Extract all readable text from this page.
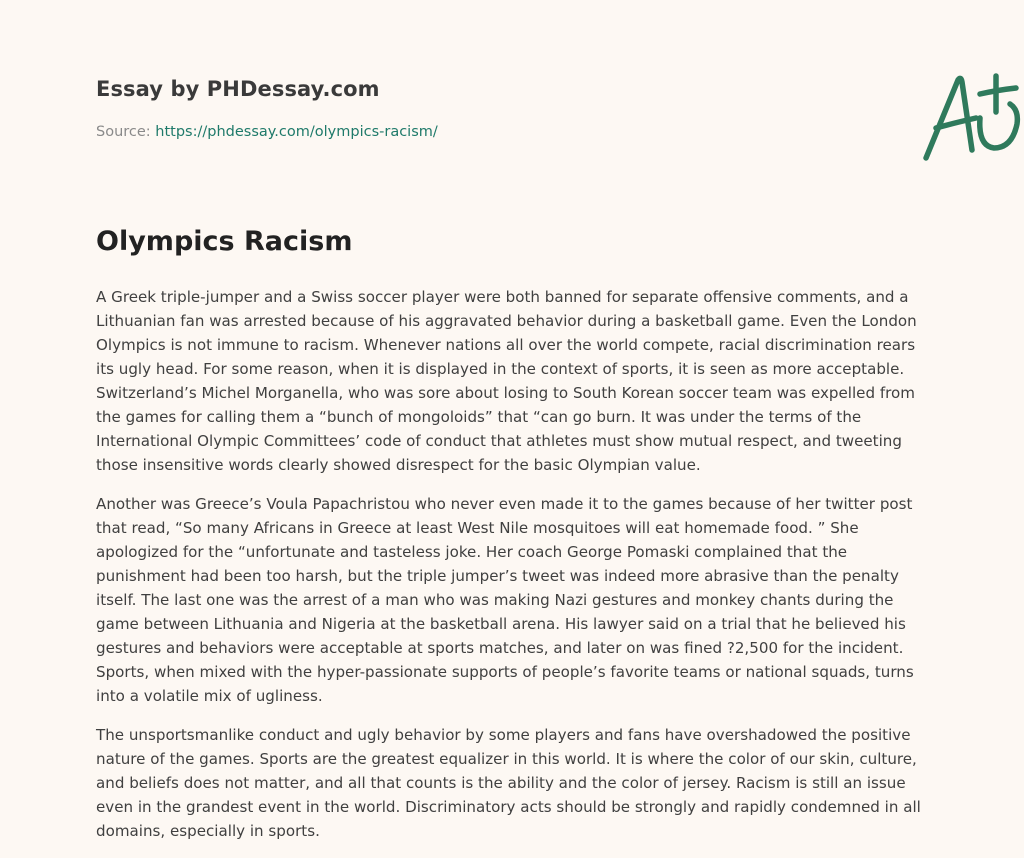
Essay by PHDessay.com

Source: https://phdessay.com/olympics-racism/

Olympics Racism

A Greek triple-jumper and a Swiss soccer player were both banned for separate offensive comments, and a Lithuanian fan was arrested because of his aggravated behavior during a basketball game. Even the London Olympics is not immune to racism. Whenever nations all over the world compete, racial discrimination rears its ugly head. For some reason, when it is displayed in the context of sports, it is seen as more acceptable. Switzerland’s Michel Morganella, who was sore about losing to South Korean soccer team was expelled from the games for calling them a “bunch of mongoloids” that “can go burn. It was under the terms of the International Olympic Committees’ code of conduct that athletes must show mutual respect, and tweeting those insensitive words clearly showed disrespect for the basic Olympian value.

Another was Greece’s Voula Papachristou who never even made it to the games because of her twitter post that read, “So many Africans in Greece at least West Nile mosquitoes will eat homemade food. ” She apologized for the “unfortunate and tasteless joke. Her coach George Pomaski complained that the punishment had been too harsh, but the triple jumper’s tweet was indeed more abrasive than the penalty itself. The last one was the arrest of a man who was making Nazi gestures and monkey chants during the game between Lithuania and Nigeria at the basketball arena. His lawyer said on a trial that he believed his gestures and behaviors were acceptable at sports matches, and later on was fined ?2,500 for the incident. Sports, when mixed with the hyper-passionate supports of people’s favorite teams or national squads, turns into a volatile mix of ugliness.

The unsportsmanlike conduct and ugly behavior by some players and fans have overshadowed the positive nature of the games. Sports are the greatest equalizer in this world. It is where the color of our skin, culture, and beliefs does not matter, and all that counts is the ability and the color of jersey. Racism is still an issue even in the grandest event in the world. Discriminatory acts should be strongly and rapidly condemned in all domains, especially in sports.
